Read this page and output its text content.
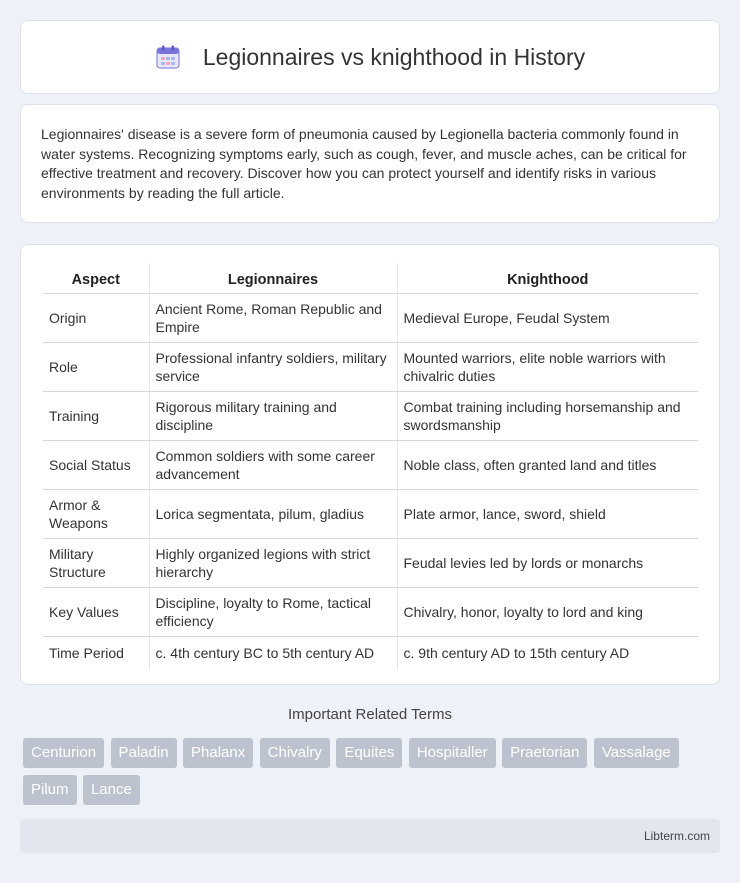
Legionnaires vs knighthood in History

Legionnaires' disease is a severe form of pneumonia caused by Legionella bacteria commonly found in water systems. Recognizing symptoms early, such as cough, fever, and muscle aches, can be critical for effective treatment and recovery. Discover how you can protect yourself and identify risks in various environments by reading the full article.

Aspect	Legionnaires	Knighthood
Origin	Ancient Rome, Roman Republic and Empire	Medieval Europe, Feudal System
Role	Professional infantry soldiers, military service	Mounted warriors, elite noble warriors with chivalric duties
Training	Rigorous military training and discipline	Combat training including horsemanship and swordsmanship
Social Status	Common soldiers with some career advancement	Noble class, often granted land and titles
Armor & Weapons	Lorica segmentata, pilum, gladius	Plate armor, lance, sword, shield
Military Structure	Highly organized legions with strict hierarchy	Feudal levies led by lords or monarchs
Key Values	Discipline, loyalty to Rome, tactical efficiency	Chivalry, honor, loyalty to lord and king
Time Period	c. 4th century BC to 5th century AD	c. 9th century AD to 15th century AD
Important Related Terms
Centurion Paladin Phalanx Chivalry Equites Hospitaller Praetorian Vassalage Pilum Lance
Libterm.com
